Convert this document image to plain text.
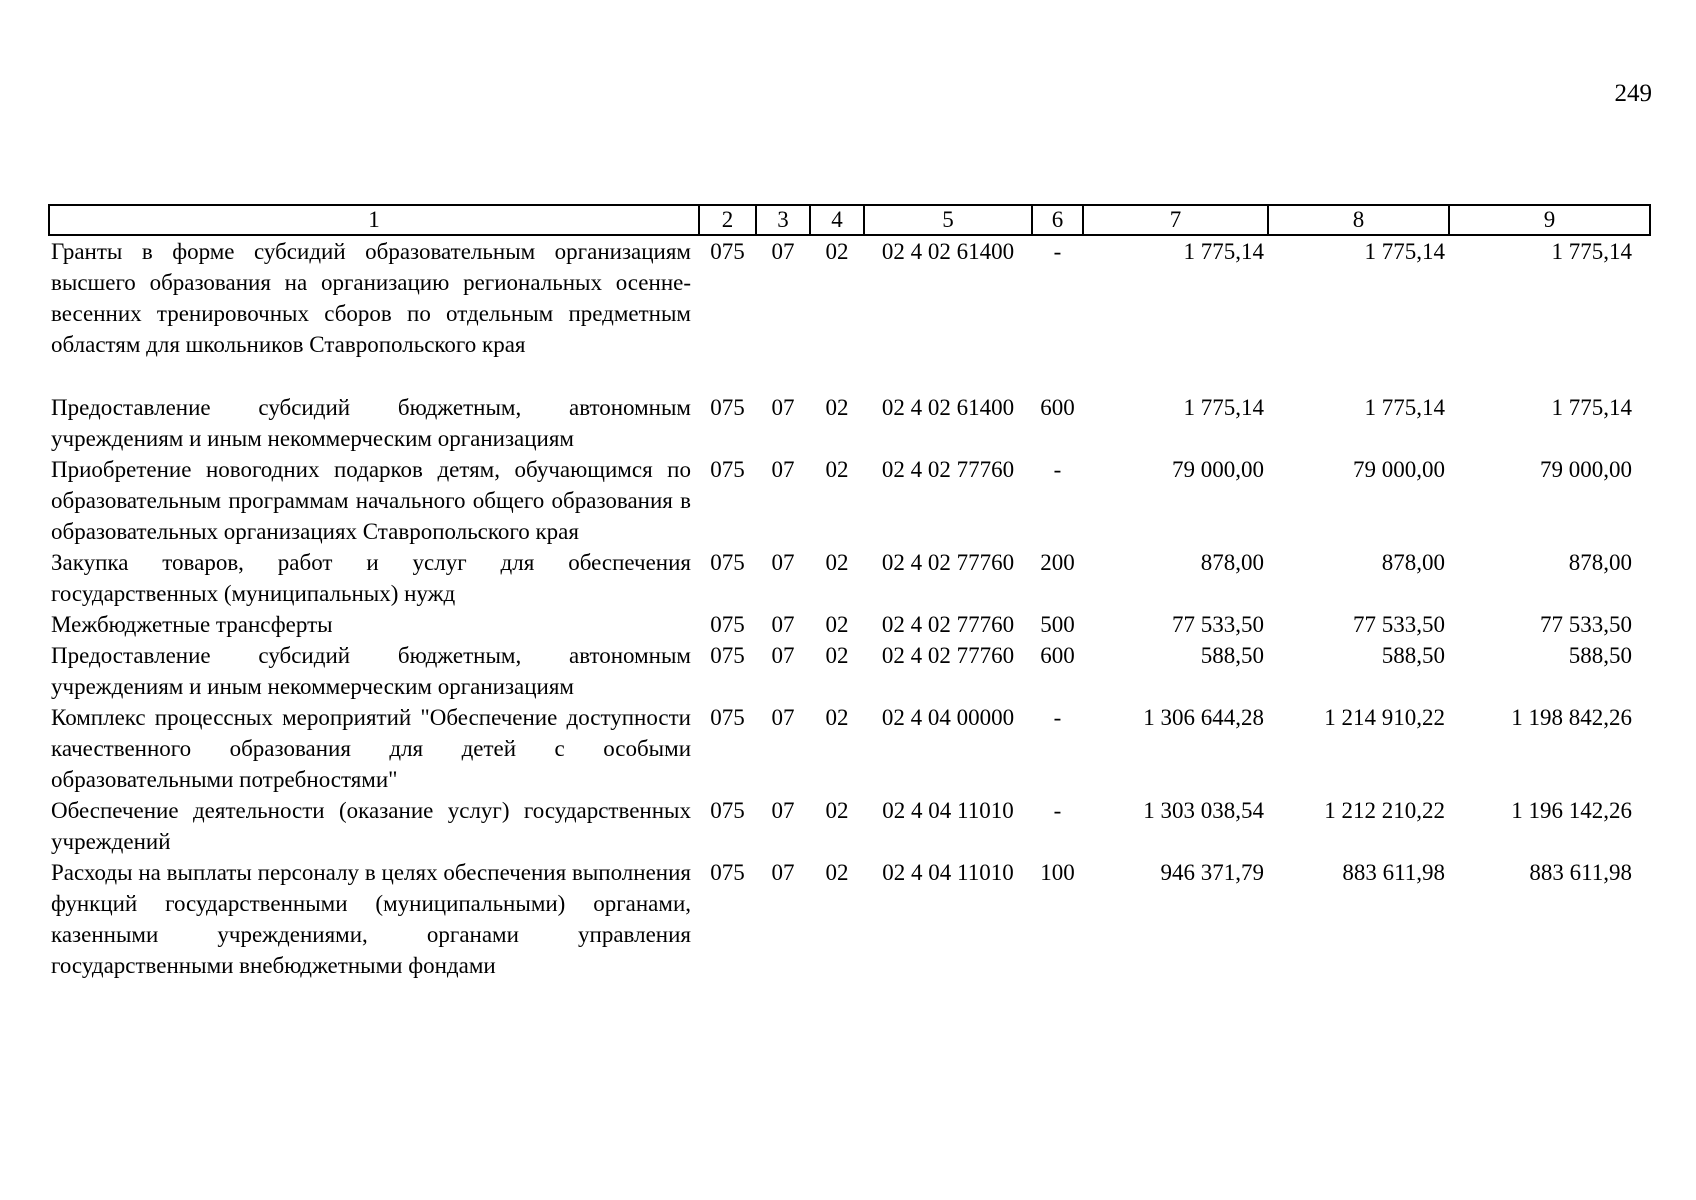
249
1	2	3	4	5	6	7	8	9
Гранты в форме субсидий образовательным организациям высшего образования на организацию региональных осенне-весенних тренировочных сборов по отдельным предметным областям для школьников Ставропольского края	075	07	02	02 4 02 61400	-	1 775,14	1 775,14	1 775,14
Предоставление субсидий бюджетным, автономным учреждениям и иным некоммерческим организациям	075	07	02	02 4 02 61400	600	1 775,14	1 775,14	1 775,14
Приобретение новогодних подарков детям, обучающимся по образовательным программам начального общего образования в образовательных организациях Ставропольского края	075	07	02	02 4 02 77760	-	79 000,00	79 000,00	79 000,00
Закупка товаров, работ и услуг для обеспечения государственных (муниципальных) нужд	075	07	02	02 4 02 77760	200	878,00	878,00	878,00
Межбюджетные трансферты	075	07	02	02 4 02 77760	500	77 533,50	77 533,50	77 533,50
Предоставление субсидий бюджетным, автономным учреждениям и иным некоммерческим организациям	075	07	02	02 4 02 77760	600	588,50	588,50	588,50
Комплекс процессных мероприятий "Обеспечение доступности качественного образования для детей с особыми образовательными потребностями"	075	07	02	02 4 04 00000	-	1 306 644,28	1 214 910,22	1 198 842,26
Обеспечение деятельности (оказание услуг) государственных учреждений	075	07	02	02 4 04 11010	-	1 303 038,54	1 212 210,22	1 196 142,26
Расходы на выплаты персоналу в целях обеспечения выполнения функций государственными (муниципальными) органами, казенными учреждениями, органами управления государственными внебюджетными фондами	075	07	02	02 4 04 11010	100	946 371,79	883 611,98	883 611,98
